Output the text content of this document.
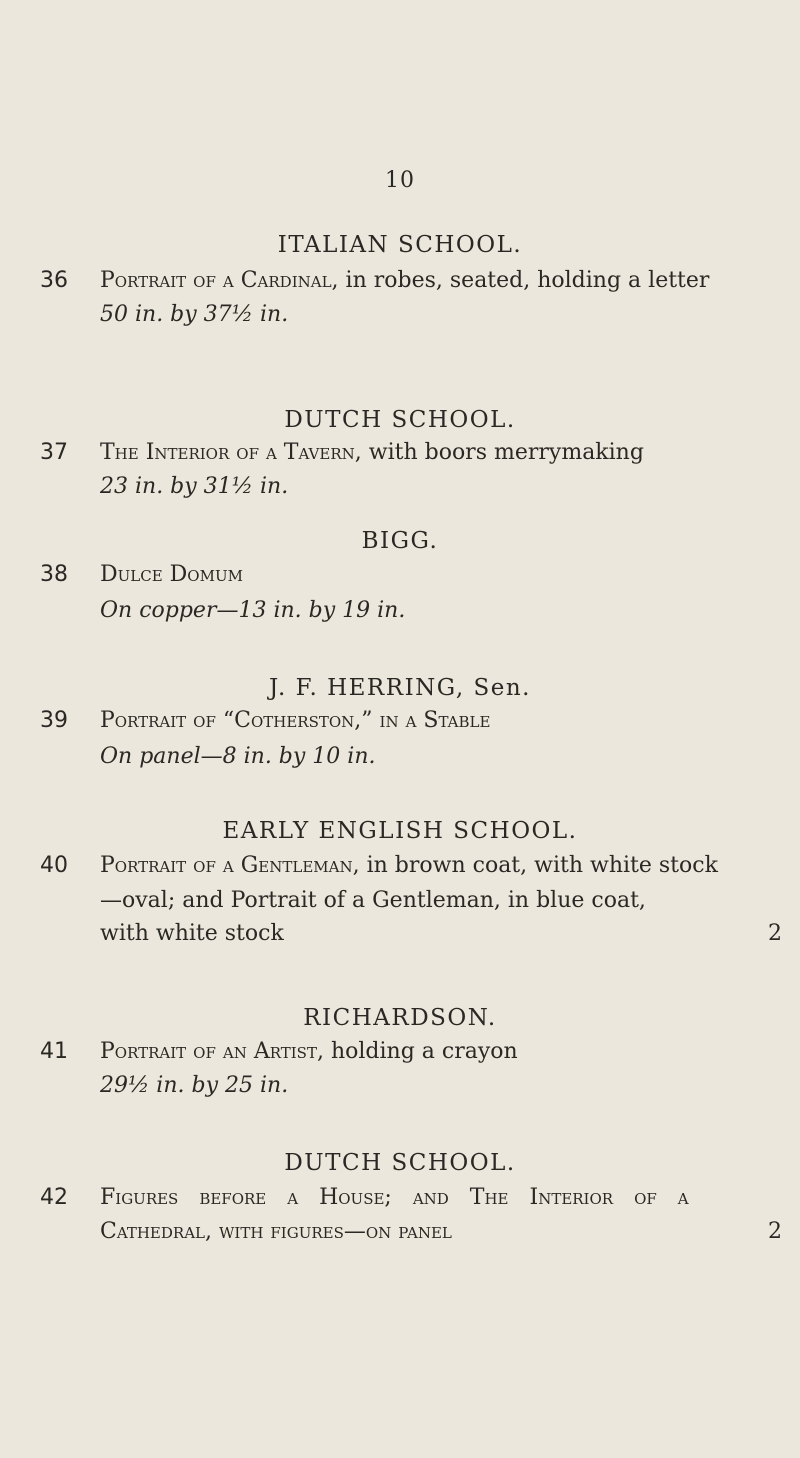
10
ITALIAN SCHOOL.
36 Portrait of a Cardinal, in robes, seated, holding a letter
50 in. by 37½ in.
DUTCH SCHOOL.
37 The Interior of a Tavern, with boors merrymaking
23 in. by 31½ in.
BIGG.
38 Dulce Domum
On copper—13 in. by 19 in.
J. F. HERRING, Sen.
39 Portrait of “Cotherston,” in a Stable
On panel—8 in. by 10 in.
EARLY ENGLISH SCHOOL.
40 Portrait of a Gentleman, in brown coat, with white stock
—oval; and Portrait of a Gentleman, in blue coat,
with white stock	2
RICHARDSON.
41 Portrait of an Artist, holding a crayon
29½ in. by 25 in.
DUTCH SCHOOL.
42 Figures before a House; and The Interior of a
Cathedral, with figures—on panel	2
